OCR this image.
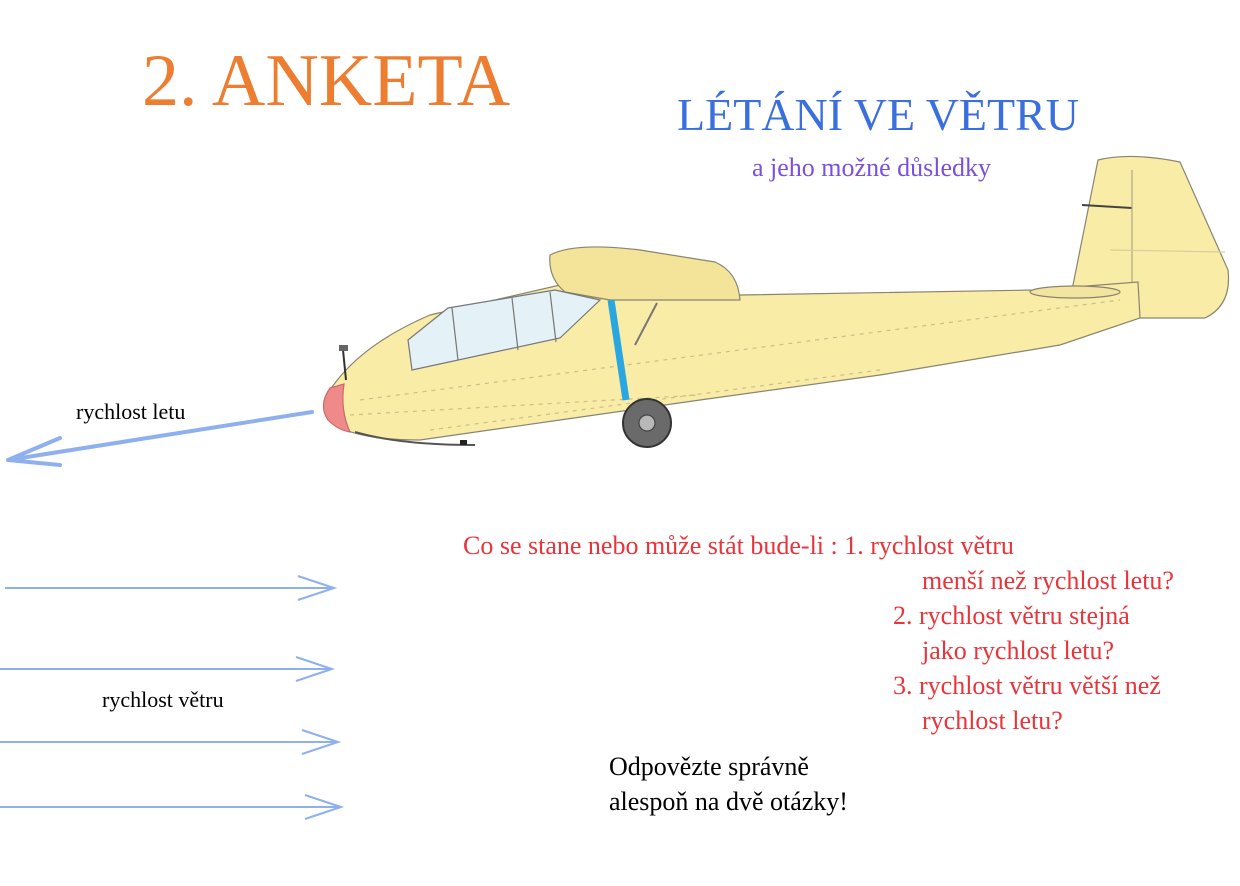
2. ANKETA	LÉTÁNÍ VE VĚTRU
a jeho možné důsledky
rychlost letu
rychlost větru
Co se stane nebo může stát bude-li : 1. rychlost větru
menší než rychlost letu?
2. rychlost větru stejná
jako rychlost letu?
3. rychlost větru větší než
rychlost letu?
Odpovězte správně
alespoň na dvě otázky!
